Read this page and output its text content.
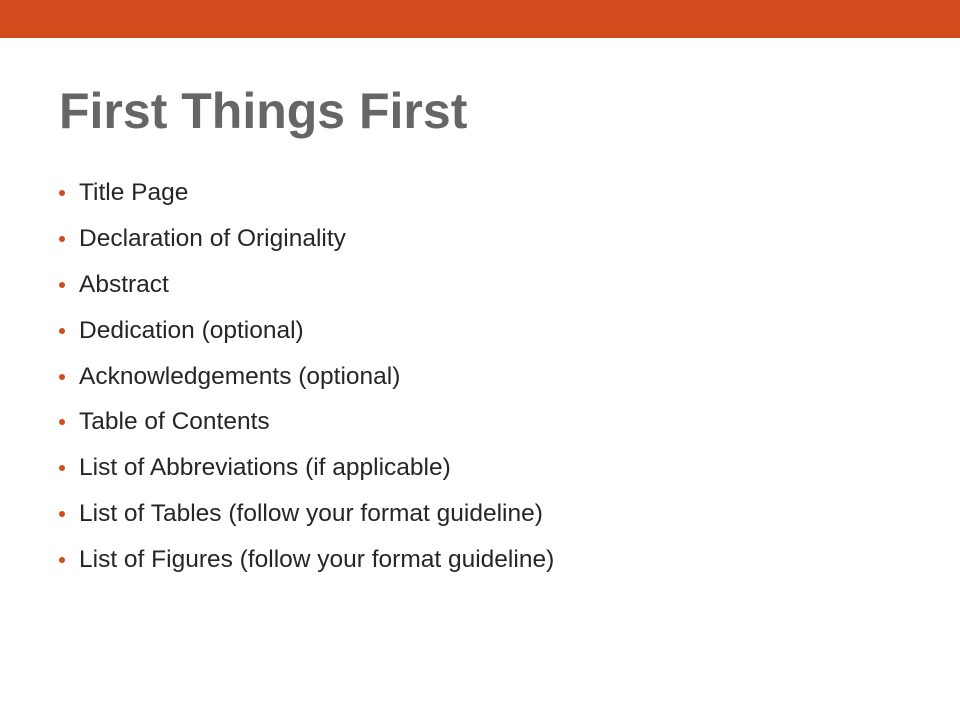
First Things First
Title Page
Declaration of Originality
Abstract
Dedication (optional)
Acknowledgements (optional)
Table of Contents
List of Abbreviations (if applicable)
List of Tables (follow your format guideline)
List of Figures (follow your format guideline)
